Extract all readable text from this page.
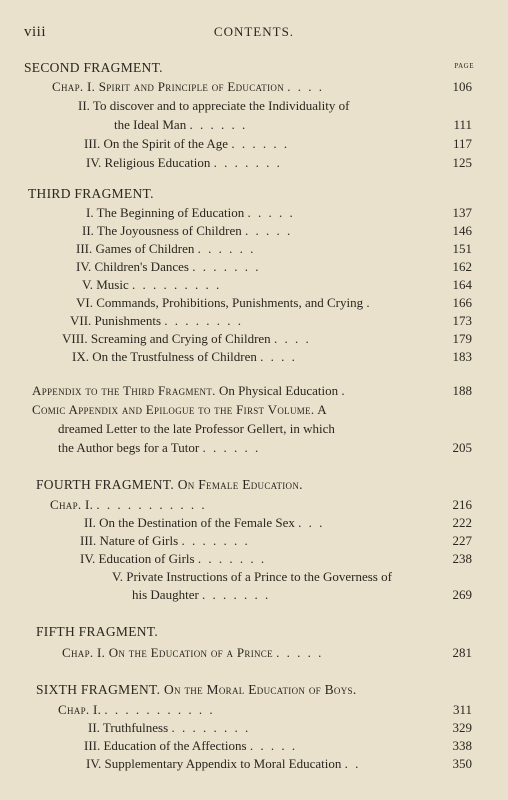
viii	CONTENTS.
PAGE
SECOND FRAGMENT.
Chap. I. Spirit and Principle of Education . . . .	106
II. To discover and to appreciate the Individuality of
the Ideal Man . . . . . .	111
III. On the Spirit of the Age . . . . . .	117
IV. Religious Education . . . . . . .	125
THIRD FRAGMENT.
I. The Beginning of Education . . . . .	137
II. The Joyousness of Children . . . . .	146
III. Games of Children . . . . . .	151
IV. Children's Dances . . . . . . .	162
V. Music . . . . . . . . .	164
VI. Commands, Prohibitions, Punishments, and Crying .	166
VII. Punishments . . . . . . . .	173
VIII. Screaming and Crying of Children . . . .	179
IX. On the Trustfulness of Children . . . .	183
Appendix to the Third Fragment. On Physical Education .	188
Comic Appendix and Epilogue to the First Volume. A
dreamed Letter to the late Professor Gellert, in which
the Author begs for a Tutor . . . . . .	205
FOURTH FRAGMENT. On Female Education.
Chap. I. . . . . . . . . . . .	216
II. On the Destination of the Female Sex . . .	222
III. Nature of Girls . . . . . . .	227
IV. Education of Girls . . . . . . .	238
V. Private Instructions of a Prince to the Governess of
his Daughter . . . . . . .	269
FIFTH FRAGMENT.
Chap. I. On the Education of a Prince . . . . .	281
SIXTH FRAGMENT. On the Moral Education of Boys.
Chap. I. . . . . . . . . . . .	311
II. Truthfulness . . . . . . . .	329
III. Education of the Affections . . . . .	338
IV. Supplementary Appendix to Moral Education . .	350
